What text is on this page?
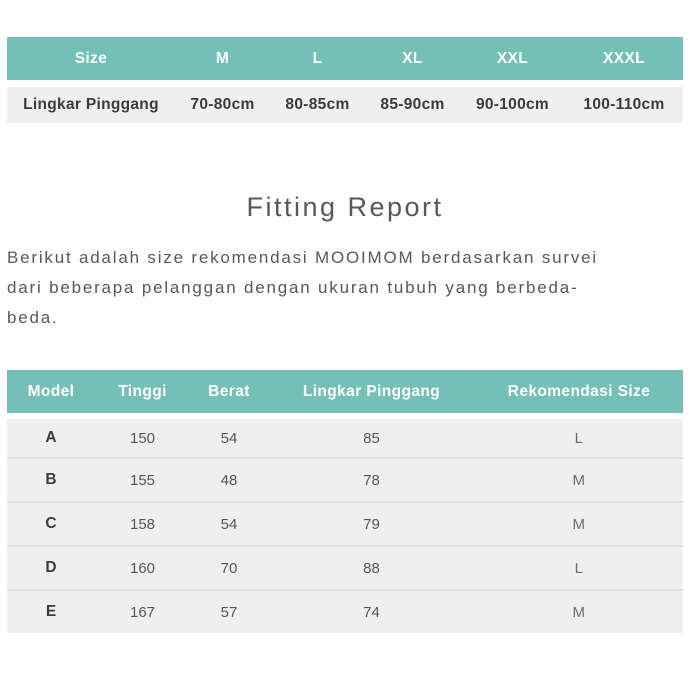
Size	M	L	XL	XXL	XXXL
Lingkar Pinggang	70-80cm	80-85cm	85-90cm	90-100cm	100-110cm
Fitting Report

Berikut adalah size rekomendasi MOOIMOM berdasarkan survei
dari beberapa pelanggan dengan ukuran tubuh yang berbeda-
beda.

Model	Tinggi	Berat	Lingkar Pinggang	Rekomendasi Size
A	150	54	85	L
B	155	48	78	M
C	158	54	79	M
D	160	70	88	L
E	167	57	74	M
